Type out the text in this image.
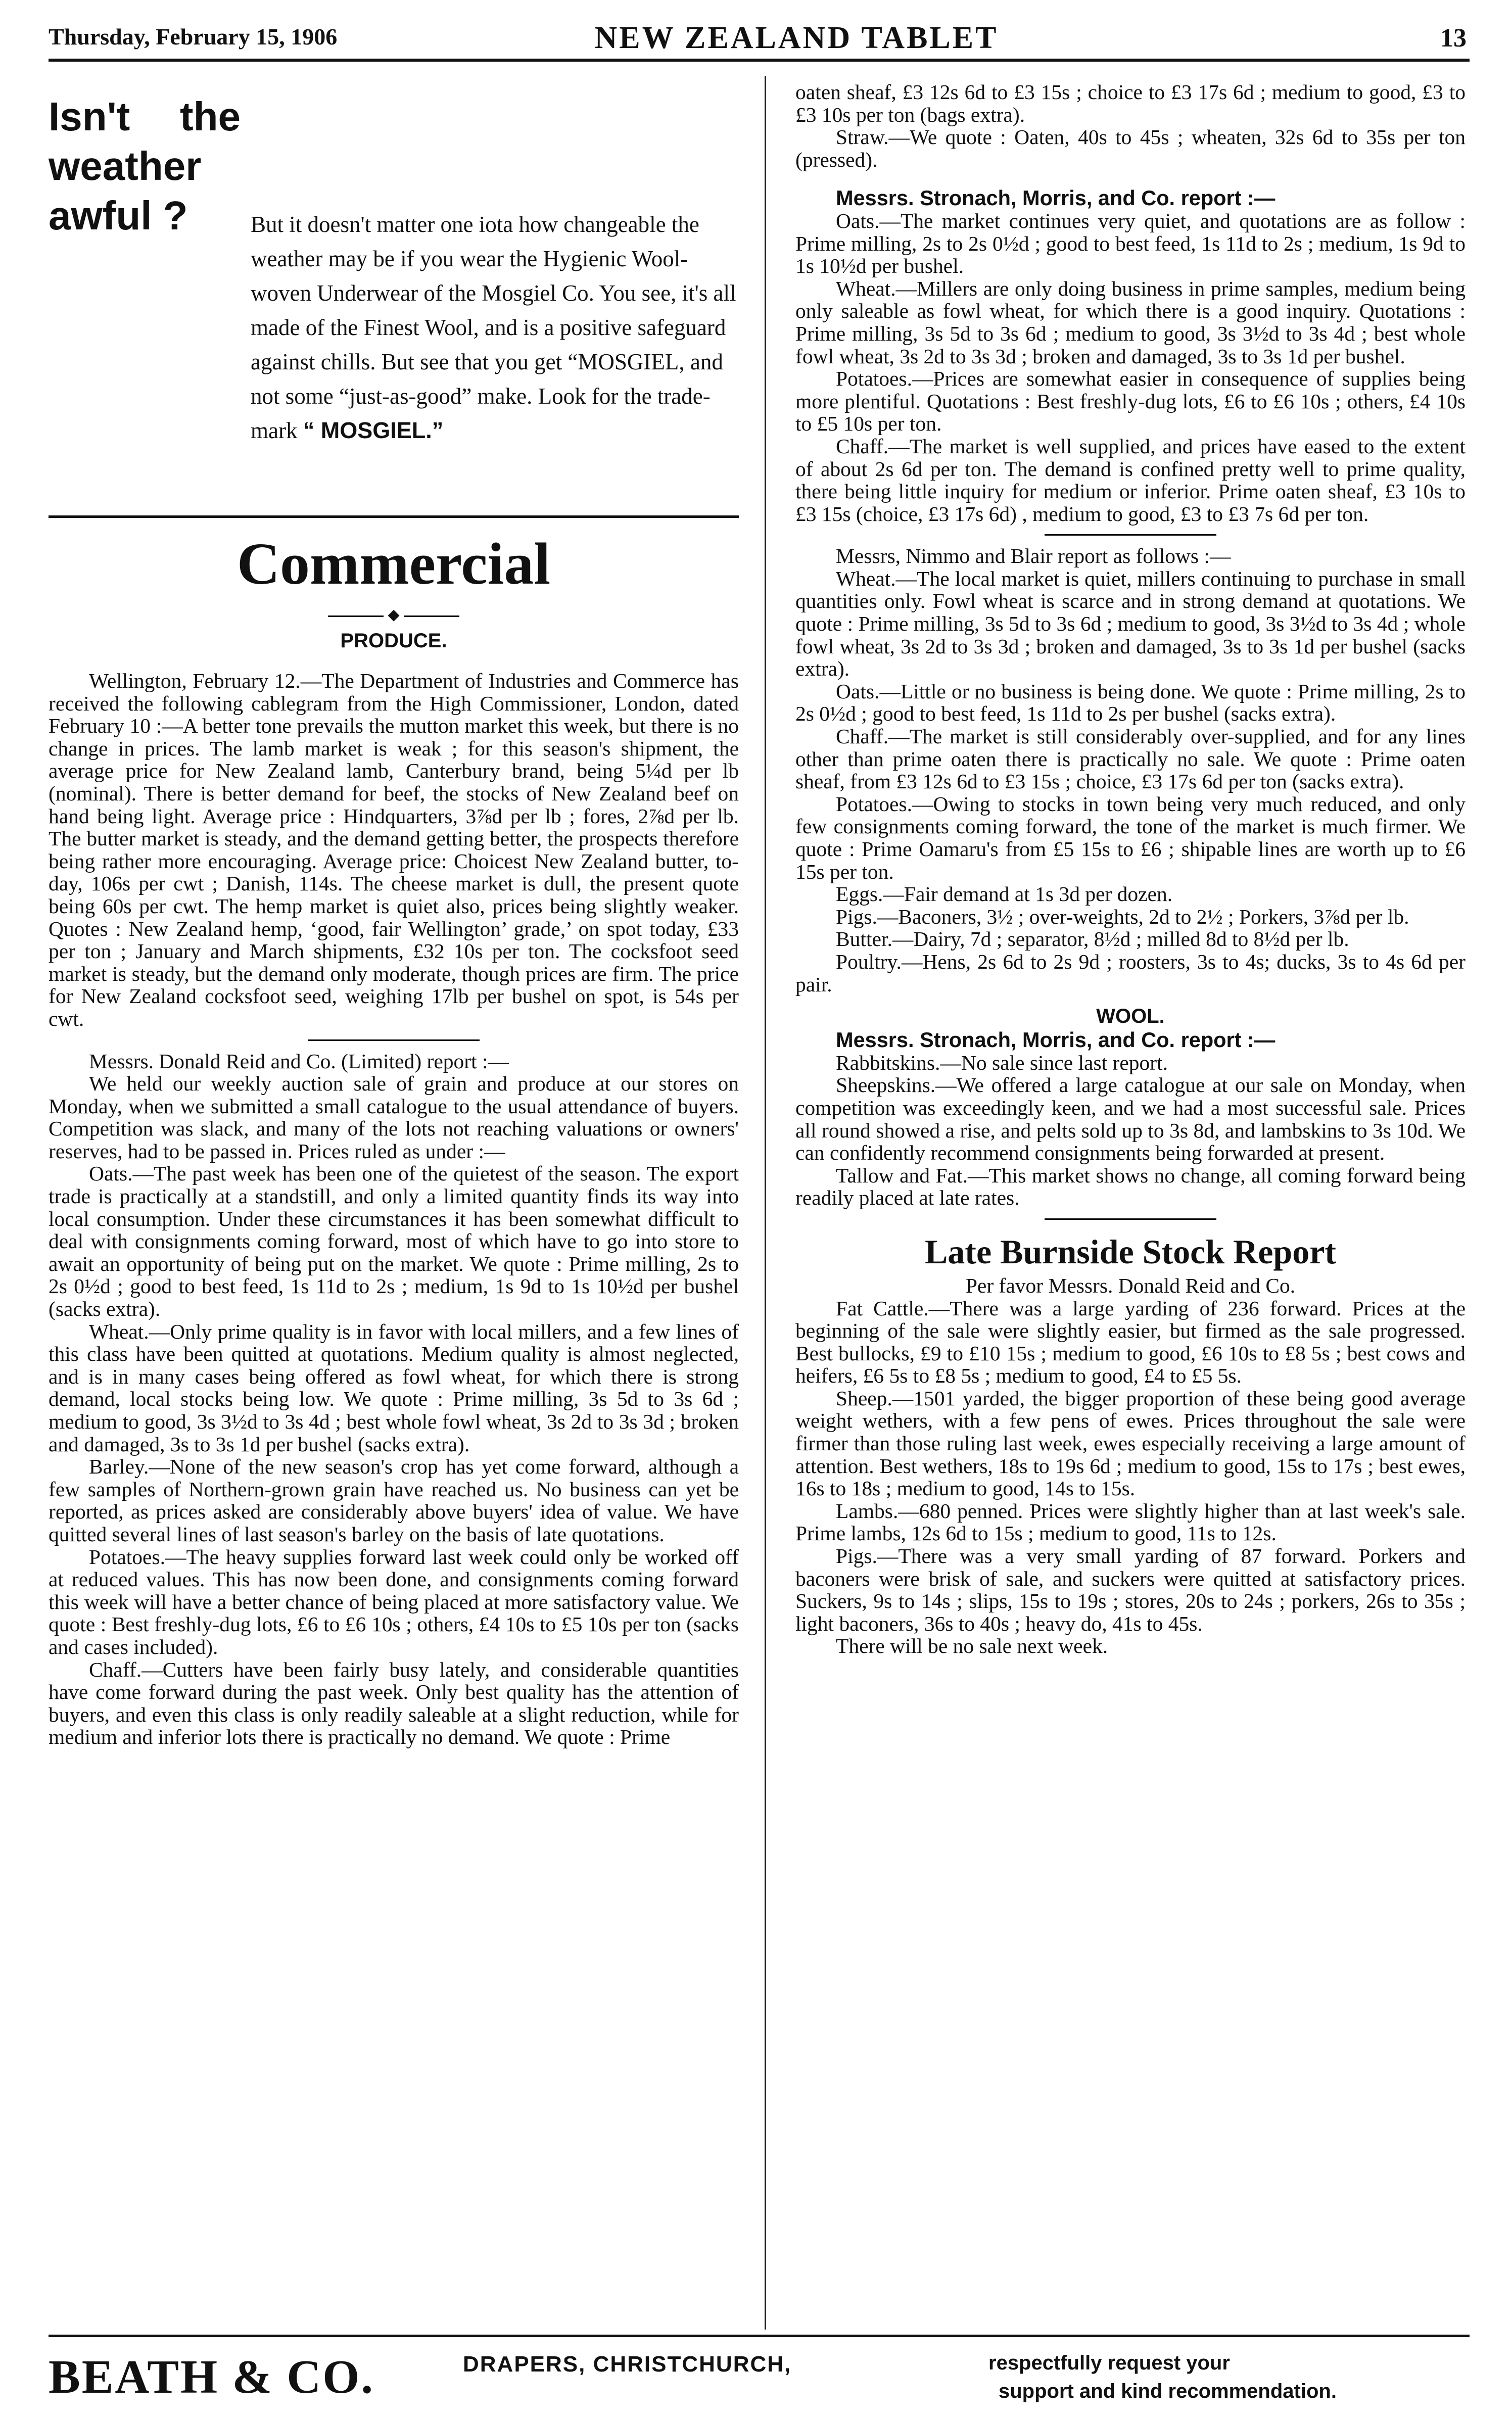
Thursday, February 15, 1906	NEW ZEALAND TABLET	13
Isn't the weather awful ?	But it doesn't matter one iota how changeable the weather may be if you wear the Hygienic Wool-woven Underwear of the Mosgiel Co. You see, it's all made of the Finest Wool, and is a positive safeguard against chills. But see that you get “MOSGIEL, and not some “just-as-good” make. Look for the trade-mark “ MOSGIEL.”
Commercial
◆
PRODUCE.

Wellington, February 12.—The Department of Industries and Commerce has received the following cablegram from the High Commissioner, London, dated February 10 :—A better tone prevails the mutton market this week, but there is no change in prices. The lamb market is weak ; for this season's shipment, the average price for New Zealand lamb, Canterbury brand, being 5¼d per lb (nominal). There is better demand for beef, the stocks of New Zealand beef on hand being light. Average price : Hindquarters, 3⅞d per lb ; fores, 2⅞d per lb. The butter market is steady, and the demand getting better, the prospects therefore being rather more encouraging. Average price: Choicest New Zealand butter, to-day, 106s per cwt ; Danish, 114s. The cheese market is dull, the present quote being 60s per cwt. The hemp market is quiet also, prices being slightly weaker. Quotes : New Zealand hemp, ‘good, fair Wellington’ grade,’ on spot today, £33 per ton ; January and March shipments, £32 10s per ton. The cocksfoot seed market is steady, but the demand only moderate, though prices are firm. The price for New Zealand cocksfoot seed, weighing 17lb per bushel on spot, is 54s per cwt.

Messrs. Donald Reid and Co. (Limited) report :—

We held our weekly auction sale of grain and produce at our stores on Monday, when we submitted a small catalogue to the usual attendance of buyers. Competition was slack, and many of the lots not reaching valuations or owners' reserves, had to be passed in. Prices ruled as under :—

Oats.—The past week has been one of the quietest of the season. The export trade is practically at a standstill, and only a limited quantity finds its way into local consumption. Under these circumstances it has been somewhat difficult to deal with consignments coming forward, most of which have to go into store to await an opportunity of being put on the market. We quote : Prime milling, 2s to 2s 0½d ; good to best feed, 1s 11d to 2s ; medium, 1s 9d to 1s 10½d per bushel (sacks extra).

Wheat.—Only prime quality is in favor with local millers, and a few lines of this class have been quitted at quotations. Medium quality is almost neglected, and is in many cases being offered as fowl wheat, for which there is strong demand, local stocks being low. We quote : Prime milling, 3s 5d to 3s 6d ; medium to good, 3s 3½d to 3s 4d ; best whole fowl wheat, 3s 2d to 3s 3d ; broken and damaged, 3s to 3s 1d per bushel (sacks extra).

Barley.—None of the new season's crop has yet come forward, although a few samples of Northern-grown grain have reached us. No business can yet be reported, as prices asked are considerably above buyers' idea of value. We have quitted several lines of last season's barley on the basis of late quotations.

Potatoes.—The heavy supplies forward last week could only be worked off at reduced values. This has now been done, and consignments coming forward this week will have a better chance of being placed at more satisfactory value. We quote : Best freshly-dug lots, £6 to £6 10s ; others, £4 10s to £5 10s per ton (sacks and cases included).

Chaff.—Cutters have been fairly busy lately, and considerable quantities have come forward during the past week. Only best quality has the attention of buyers, and even this class is only readily saleable at a slight reduction, while for medium and inferior lots there is practically no demand. We quote : Prime

oaten sheaf, £3 12s 6d to £3 15s ; choice to £3 17s 6d ; medium to good, £3 to £3 10s per ton (bags extra).

Straw.—We quote : Oaten, 40s to 45s ; wheaten, 32s 6d to 35s per ton (pressed).

Messrs. Stronach, Morris, and Co. report :—

Oats.—The market continues very quiet, and quotations are as follow : Prime milling, 2s to 2s 0½d ; good to best feed, 1s 11d to 2s ; medium, 1s 9d to 1s 10½d per bushel.

Wheat.—Millers are only doing business in prime samples, medium being only saleable as fowl wheat, for which there is a good inquiry. Quotations : Prime milling, 3s 5d to 3s 6d ; medium to good, 3s 3½d to 3s 4d ; best whole fowl wheat, 3s 2d to 3s 3d ; broken and damaged, 3s to 3s 1d per bushel.

Potatoes.—Prices are somewhat easier in consequence of supplies being more plentiful. Quotations : Best freshly-dug lots, £6 to £6 10s ; others, £4 10s to £5 10s per ton.

Chaff.—The market is well supplied, and prices have eased to the extent of about 2s 6d per ton. The demand is confined pretty well to prime quality, there being little inquiry for medium or inferior. Prime oaten sheaf, £3 10s to £3 15s (choice, £3 17s 6d) , medium to good, £3 to £3 7s 6d per ton.

Messrs, Nimmo and Blair report as follows :—

Wheat.—The local market is quiet, millers continuing to purchase in small quantities only. Fowl wheat is scarce and in strong demand at quotations. We quote : Prime milling, 3s 5d to 3s 6d ; medium to good, 3s 3½d to 3s 4d ; whole fowl wheat, 3s 2d to 3s 3d ; broken and damaged, 3s to 3s 1d per bushel (sacks extra).

Oats.—Little or no business is being done. We quote : Prime milling, 2s to 2s 0½d ; good to best feed, 1s 11d to 2s per bushel (sacks extra).

Chaff.—The market is still considerably over-supplied, and for any lines other than prime oaten there is practically no sale. We quote : Prime oaten sheaf, from £3 12s 6d to £3 15s ; choice, £3 17s 6d per ton (sacks extra).

Potatoes.—Owing to stocks in town being very much reduced, and only few consignments coming forward, the tone of the market is much firmer. We quote : Prime Oamaru's from £5 15s to £6 ; shipable lines are worth up to £6 15s per ton.

Eggs.—Fair demand at 1s 3d per dozen.

Pigs.—Baconers, 3½ ; over-weights, 2d to 2½ ; Porkers, 3⅞d per lb.

Butter.—Dairy, 7d ; separator, 8½d ; milled 8d to 8½d per lb.

Poultry.—Hens, 2s 6d to 2s 9d ; roosters, 3s to 4s; ducks, 3s to 4s 6d per pair.

WOOL.

Messrs. Stronach, Morris, and Co. report :—

Rabbitskins.—No sale since last report.

Sheepskins.—We offered a large catalogue at our sale on Monday, when competition was exceedingly keen, and we had a most successful sale. Prices all round showed a rise, and pelts sold up to 3s 8d, and lambskins to 3s 10d. We can confidently recommend consignments being forwarded at present.

Tallow and Fat.—This market shows no change, all coming forward being readily placed at late rates.

Late Burnside Stock Report

Per favor Messrs. Donald Reid and Co.

Fat Cattle.—There was a large yarding of 236 forward. Prices at the beginning of the sale were slightly easier, but firmed as the sale progressed. Best bullocks, £9 to £10 15s ; medium to good, £6 10s to £8 5s ; best cows and heifers, £6 5s to £8 5s ; medium to good, £4 to £5 5s.

Sheep.—1501 yarded, the bigger proportion of these being good average weight wethers, with a few pens of ewes. Prices throughout the sale were firmer than those ruling last week, ewes especially receiving a large amount of attention. Best wethers, 18s to 19s 6d ; medium to good, 15s to 17s ; best ewes, 16s to 18s ; medium to good, 14s to 15s.

Lambs.—680 penned. Prices were slightly higher than at last week's sale. Prime lambs, 12s 6d to 15s ; medium to good, 11s to 12s.

Pigs.—There was a very small yarding of 87 forward. Porkers and baconers were brisk of sale, and suckers were quitted at satisfactory prices. Suckers, 9s to 14s ; slips, 15s to 19s ; stores, 20s to 24s ; porkers, 26s to 35s ; light baconers, 36s to 40s ; heavy do, 41s to 45s.

There will be no sale next week.

BEATH & CO.	DRAPERS, CHRISTCHURCH,	respectfully request your
support and kind recommendation.
